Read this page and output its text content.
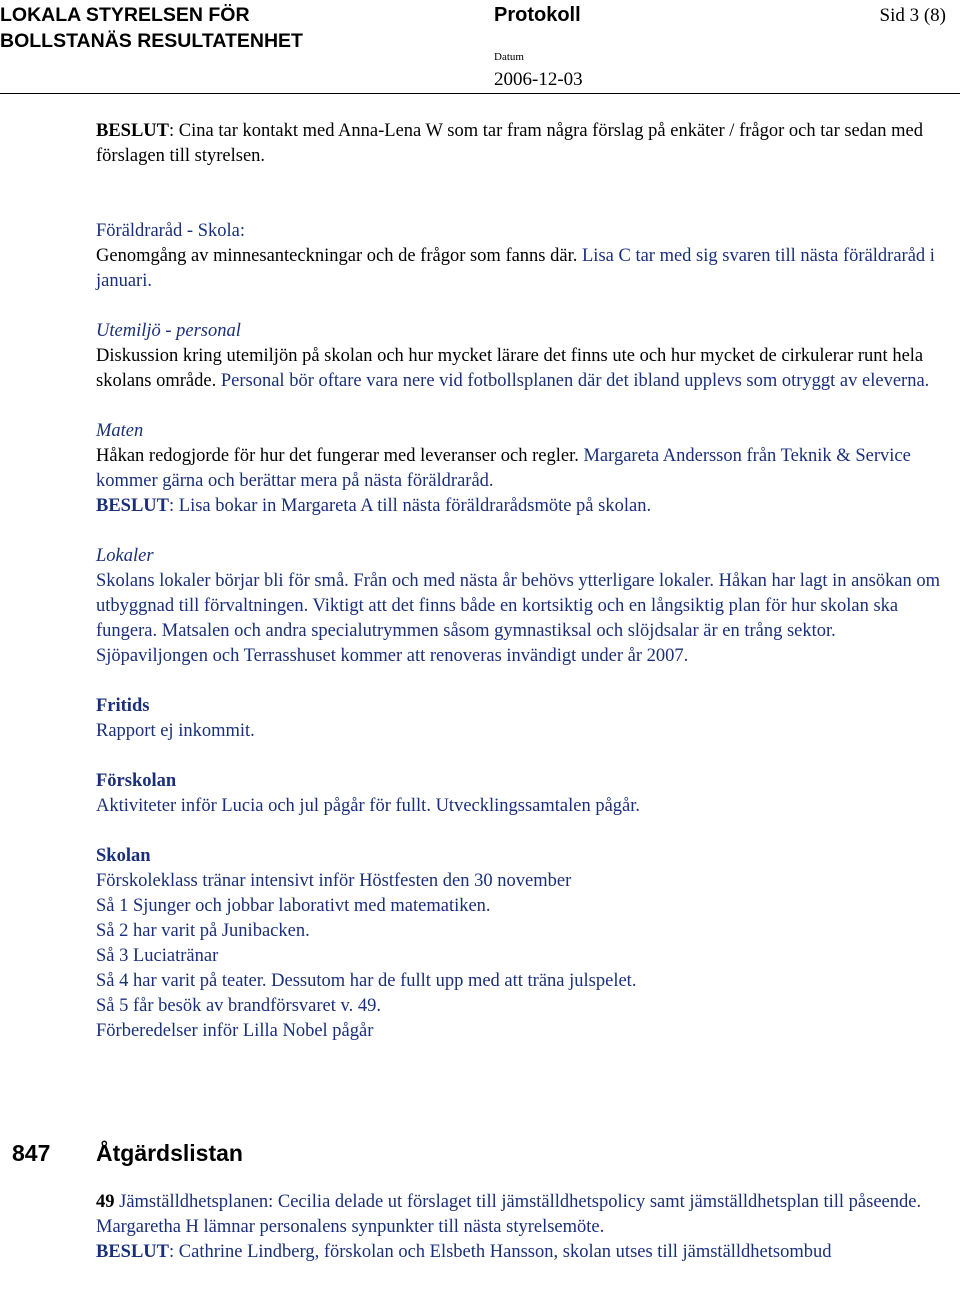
LOKALA STYRELSEN FÖR
BOLLSTANÄS RESULTATENHET
Protokoll	Sid 3 (8)
Datum
2006-12-03

BESLUT: Cina tar kontakt med Anna-Lena W som tar fram några förslag på enkäter / frågor och tar sedan med förslagen till styrelsen.

Föräldraråd - Skola:

Genomgång av minnesanteckningar och de frågor som fanns där. Lisa C tar med sig svaren till nästa föräldraråd i januari.

Utemiljö - personal

Diskussion kring utemiljön på skolan och hur mycket lärare det finns ute och hur mycket de cirkulerar runt hela skolans område. Personal bör oftare vara nere vid fotbollsplanen där det ibland upplevs som otryggt av eleverna.

Maten

Håkan redogjorde för hur det fungerar med leveranser och regler. Margareta Andersson från Teknik & Service kommer gärna och berättar mera på nästa föräldraråd.

BESLUT: Lisa bokar in Margareta A till nästa föräldrarådsmöte på skolan.

Lokaler

Skolans lokaler börjar bli för små. Från och med nästa år behövs ytterligare lokaler. Håkan har lagt in ansökan om utbyggnad till förvaltningen. Viktigt att det finns både en kortsiktig och en långsiktig plan för hur skolan ska fungera. Matsalen och andra specialutrymmen såsom gymnastiksal och slöjdsalar är en trång sektor.

Sjöpaviljongen och Terrasshuset kommer att renoveras invändigt under år 2007.

Fritids

Rapport ej inkommit.

Förskolan

Aktiviteter inför Lucia och jul pågår för fullt. Utvecklingssamtalen pågår.

Skolan

Förskoleklass tränar intensivt inför Höstfesten den 30 november

Så 1 Sjunger och jobbar laborativt med matematiken.

Så 2 har varit på Junibacken.

Så 3 Luciatränar

Så 4 har varit på teater. Dessutom har de fullt upp med att träna julspelet.

Så 5 får besök av brandförsvaret v. 49.

Förberedelser inför Lilla Nobel pågår

847 Åtgärdslistan

49 Jämställdhetsplanen: Cecilia delade ut förslaget till jämställdhetspolicy samt jämställdhetsplan till påseende. Margaretha H lämnar personalens synpunkter till nästa styrelsemöte.

BESLUT: Cathrine Lindberg, förskolan och Elsbeth Hansson, skolan utses till jämställdhetsombud
